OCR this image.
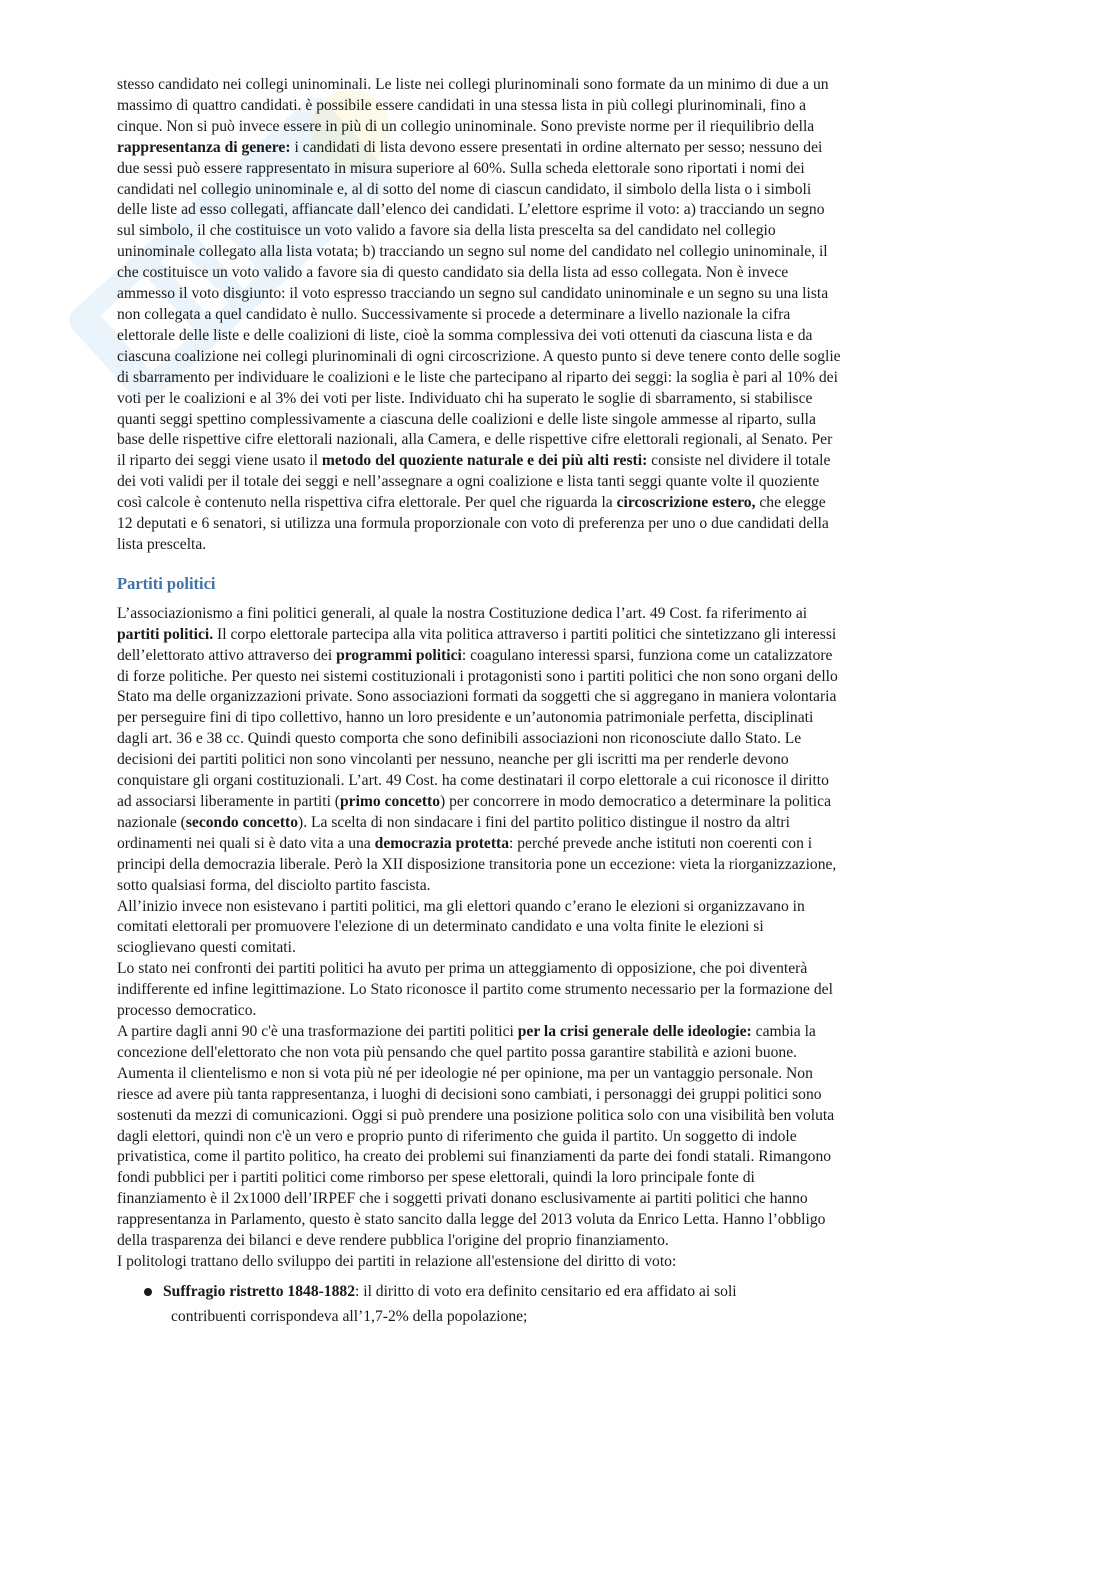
stesso candidato nei collegi uninominali. Le liste nei collegi plurinominali sono formate da un minimo di due a un massimo di quattro candidati. è possibile essere candidati in una stessa lista in più collegi plurinominali, fino a cinque. Non si può invece essere in più di un collegio uninominale. Sono previste norme per il riequilibrio della rappresentanza di genere: i candidati di lista devono essere presentati in ordine alternato per sesso; nessuno dei due sessi può essere rappresentato in misura superiore al 60%. Sulla scheda elettorale sono riportati i nomi dei candidati nel collegio uninominale e, al di sotto del nome di ciascun candidato, il simbolo della lista o i simboli delle liste ad esso collegati, affiancate dall’elenco dei candidati. L’elettore esprime il voto: a) tracciando un segno sul simbolo, il che costituisce un voto valido a favore sia della lista prescelta sa del candidato nel collegio uninominale collegato alla lista votata; b) tracciando un segno sul nome del candidato nel collegio uninominale, il che costituisce un voto valido a favore sia di questo candidato sia della lista ad esso collegata. Non è invece ammesso il voto disgiunto: il voto espresso tracciando un segno sul candidato uninominale e un segno su una lista non collegata a quel candidato è nullo. Successivamente si procede a determinare a livello nazionale la cifra elettorale delle liste e delle coalizioni di liste, cioè la somma complessiva dei voti ottenuti da ciascuna lista e da ciascuna coalizione nei collegi plurinominali di ogni circoscrizione. A questo punto si deve tenere conto delle soglie di sbarramento per individuare le coalizioni e le liste che partecipano al riparto dei seggi: la soglia è pari al 10% dei voti per le coalizioni e al 3% dei voti per liste. Individuato chi ha superato le soglie di sbarramento, si stabilisce quanti seggi spettino complessivamente a ciascuna delle coalizioni e delle liste singole ammesse al riparto, sulla base delle rispettive cifre elettorali nazionali, alla Camera, e delle rispettive cifre elettorali regionali, al Senato. Per il riparto dei seggi viene usato il metodo del quoziente naturale e dei più alti resti: consiste nel dividere il totale dei voti validi per il totale dei seggi e nell’assegnare a ogni coalizione e lista tanti seggi quante volte il quoziente così calcole è contenuto nella rispettiva cifra elettorale. Per quel che riguarda la circoscrizione estero, che elegge 12 deputati e 6 senatori, si utilizza una formula proporzionale con voto di preferenza per uno o due candidati della lista prescelta.

Partiti politici

L’associazionismo a fini politici generali, al quale la nostra Costituzione dedica l’art. 49 Cost. fa riferimento ai partiti politici. Il corpo elettorale partecipa alla vita politica attraverso i partiti politici che sintetizzano gli interessi dell’elettorato attivo attraverso dei programmi politici: coagulano interessi sparsi, funziona come un catalizzatore di forze politiche. Per questo nei sistemi costituzionali i protagonisti sono i partiti politici che non sono organi dello Stato ma delle organizzazioni private. Sono associazioni formati da soggetti che si aggregano in maniera volontaria per perseguire fini di tipo collettivo, hanno un loro presidente e un’autonomia patrimoniale perfetta, disciplinati dagli art. 36 e 38 cc. Quindi questo comporta che sono definibili associazioni non riconosciute dallo Stato. Le decisioni dei partiti politici non sono vincolanti per nessuno, neanche per gli iscritti ma per renderle devono conquistare gli organi costituzionali. L’art. 49 Cost. ha come destinatari il corpo elettorale a cui riconosce il diritto ad associarsi liberamente in partiti (primo concetto) per concorrere in modo democratico a determinare la politica nazionale (secondo concetto). La scelta di non sindacare i fini del partito politico distingue il nostro da altri ordinamenti nei quali si è dato vita a una democrazia protetta: perché prevede anche istituti non coerenti con i principi della democrazia liberale. Però la XII disposizione transitoria pone un eccezione: vieta la riorganizzazione, sotto qualsiasi forma, del disciolto partito fascista.

All’inizio invece non esistevano i partiti politici, ma gli elettori quando c’erano le elezioni si organizzavano in comitati elettorali per promuovere l'elezione di un determinato candidato e una volta finite le elezioni si scioglievano questi comitati.

Lo stato nei confronti dei partiti politici ha avuto per prima un atteggiamento di opposizione, che poi diventerà indifferente ed infine legittimazione. Lo Stato riconosce il partito come strumento necessario per la formazione del processo democratico.

A partire dagli anni 90 c'è una trasformazione dei partiti politici per la crisi generale delle ideologie: cambia la concezione dell'elettorato che non vota più pensando che quel partito possa garantire stabilità e azioni buone. Aumenta il clientelismo e non si vota più né per ideologie né per opinione, ma per un vantaggio personale. Non riesce ad avere più tanta rappresentanza, i luoghi di decisioni sono cambiati, i personaggi dei gruppi politici sono sostenuti da mezzi di comunicazioni. Oggi si può prendere una posizione politica solo con una visibilità ben voluta dagli elettori, quindi non c'è un vero e proprio punto di riferimento che guida il partito. Un soggetto di indole privatistica, come il partito politico, ha creato dei problemi sui finanziamenti da parte dei fondi statali. Rimangono fondi pubblici per i partiti politici come rimborso per spese elettorali, quindi la loro principale fonte di finanziamento è il 2x1000 dell’IRPEF che i soggetti privati donano esclusivamente ai partiti politici che hanno rappresentanza in Parlamento, questo è stato sancito dalla legge del 2013 voluta da Enrico Letta. Hanno l’obbligo della trasparenza dei bilanci e deve rendere pubblica l'origine del proprio finanziamento.

I politologi trattano dello sviluppo dei partiti in relazione all'estensione del diritto di voto:

Suffragio ristretto 1848-1882: il diritto di voto era definito censitario ed era affidato ai soli
contribuenti corrispondeva all’1,7-2% della popolazione;
